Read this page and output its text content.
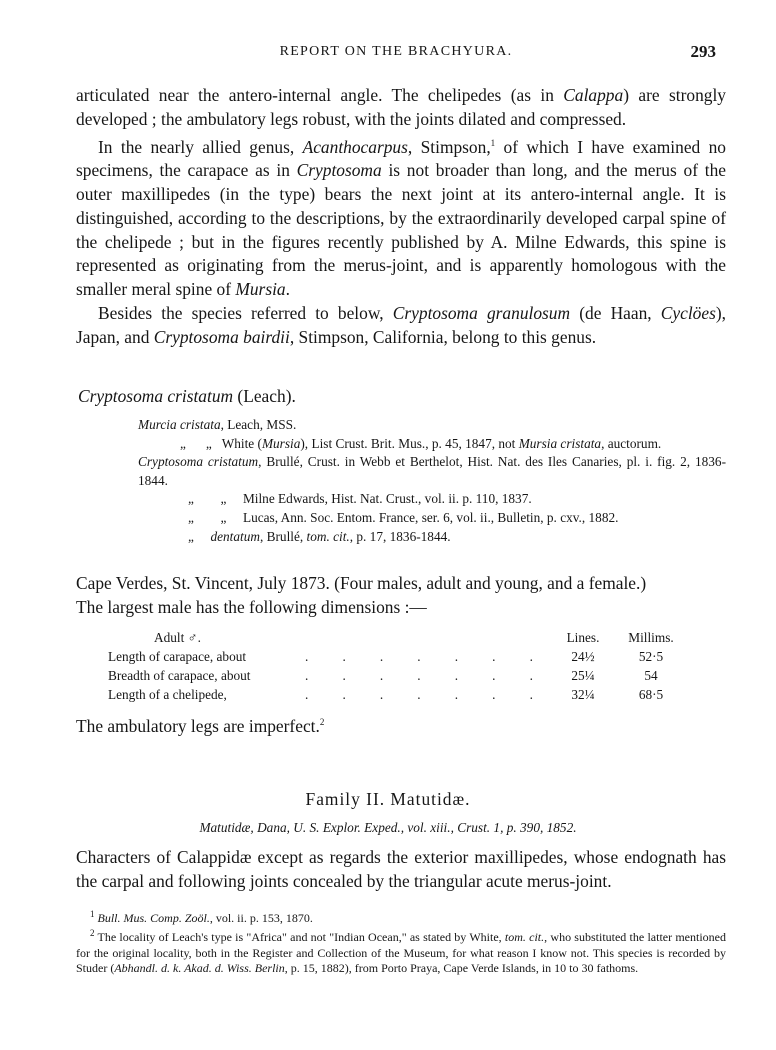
REPORT ON THE BRACHYURA.	293

articulated near the antero-internal angle. The chelipedes (as in Calappa) are strongly developed ; the ambulatory legs robust, with the joints dilated and compressed.

In the nearly allied genus, Acanthocarpus, Stimpson,$^1$ of which I have examined no specimens, the carapace as in Cryptosoma is not broader than long, and the merus of the outer maxillipedes (in the type) bears the next joint at its antero-internal angle. It is distinguished, according to the descriptions, by the extraordinarily developed carpal spine of the chelipede ; but in the figures recently published by A. Milne Edwards, this spine is represented as originating from the merus-joint, and is apparently homologous with the smaller meral spine of Mursia.

Besides the species referred to below, Cryptosoma granulosum (de Haan, Cyclöes), Japan, and Cryptosoma bairdii, Stimpson, California, belong to this genus.

Cryptosoma cristatum (Leach).
Murcia cristata, Leach, MSS.
„      „ White (Mursia), List Crust. Brit. Mus., p. 45, 1847, not Mursia cristata, auctorum.
Cryptosoma cristatum, Brullé, Crust. in Webb et Berthelot, Hist. Nat. des Iles Canaries, pl. i. fig. 2, 1836-1844.
„        „ Milne Edwards, Hist. Nat. Crust., vol. ii. p. 110, 1837.
„        „ Lucas, Ann. Soc. Entom. France, ser. 6, vol. ii., Bulletin, p. cxv., 1882.
„ dentatum, Brullé, tom. cit., p. 17, 1836-1844.
Cape Verdes, St. Vincent, July 1873. (Four males, adult and young, and a female.)
The largest male has the following dimensions :—
Adult ♂.	Lines.	Millims.
Length of carapace, about	.	.	.	.	.	.	.	24½	52·5
Breadth of carapace, about	.	.	.	.	.	.	.	25¼	54
Length of a chelipede,	.	.	.	.	.	.	.	32¼	68·5
The ambulatory legs are imperfect.$^2$
Family II. Matutidæ.
Matutidæ, Dana, U. S. Explor. Exped., vol. xiii., Crust. 1, p. 390, 1852.
Characters of Calappidæ except as regards the exterior maxillipedes, whose endognath has the carpal and following joints concealed by the triangular acute merus-joint.

$^1$ Bull. Mus. Comp. Zoöl., vol. ii. p. 153, 1870.

$^2$ The locality of Leach's type is "Africa" and not "Indian Ocean," as stated by White, tom. cit., who substituted the latter mentioned for the original locality, both in the Register and Collection of the Museum, for what reason I know not. This species is recorded by Studer (Abhandl. d. k. Akad. d. Wiss. Berlin, p. 15, 1882), from Porto Praya, Cape Verde Islands, in 10 to 30 fathoms.
